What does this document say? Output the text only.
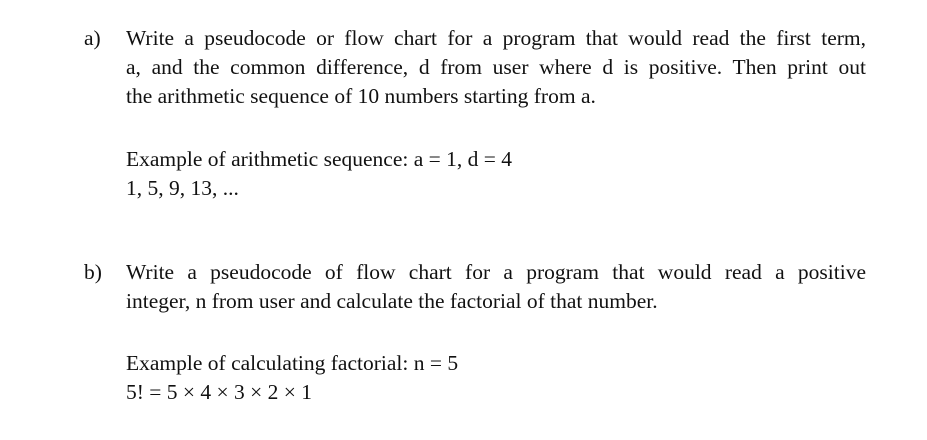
a) Write a pseudocode or flow chart for a program that would read the first term,
a, and the common difference, d from user where d is positive. Then print out
the arithmetic sequence of 10 numbers starting from a.

Example of arithmetic sequence: a = 1, d = 4
1, 5, 9, 13, ...
b) Write a pseudocode of flow chart for a program that would read a positive
integer, n from user and calculate the factorial of that number.

Example of calculating factorial: n = 5
5! = 5 × 4 × 3 × 2 × 1
